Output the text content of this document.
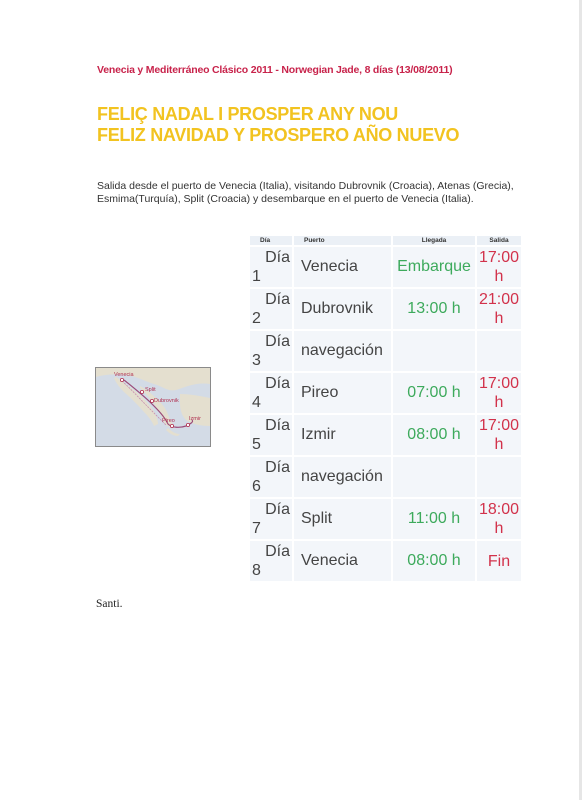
Venecia y Mediterráneo Clásico 2011 - Norwegian Jade, 8 días (13/08/2011)
FELIÇ NADAL I PROSPER ANY NOU
FELIZ NAVIDAD Y PROSPERO AÑO NUEVO
Salida desde el puerto de Venecia (Italia), visitando Dubrovnik (Croacia), Atenas (Grecia), Esmima(Turquía), Split (Croacia) y desembarque en el puerto de Venecia (Italia).
Venecia
Split
Dubrovnik
Pireo	Izmir
Día	Puerto	Llegada	Salida

Día
1	Venecia	Embarque	17:00
h

Día
2	Dubrovnik	13:00 h	21:00
h

Día
3	navegación		

Día
4	Pireo	07:00 h	17:00
h

Día
5	Izmir	08:00 h	17:00
h

Día
6	navegación		

Día
7	Split	11:00 h	18:00
h

Día
8	Venecia	08:00 h	Fin
Santi.
